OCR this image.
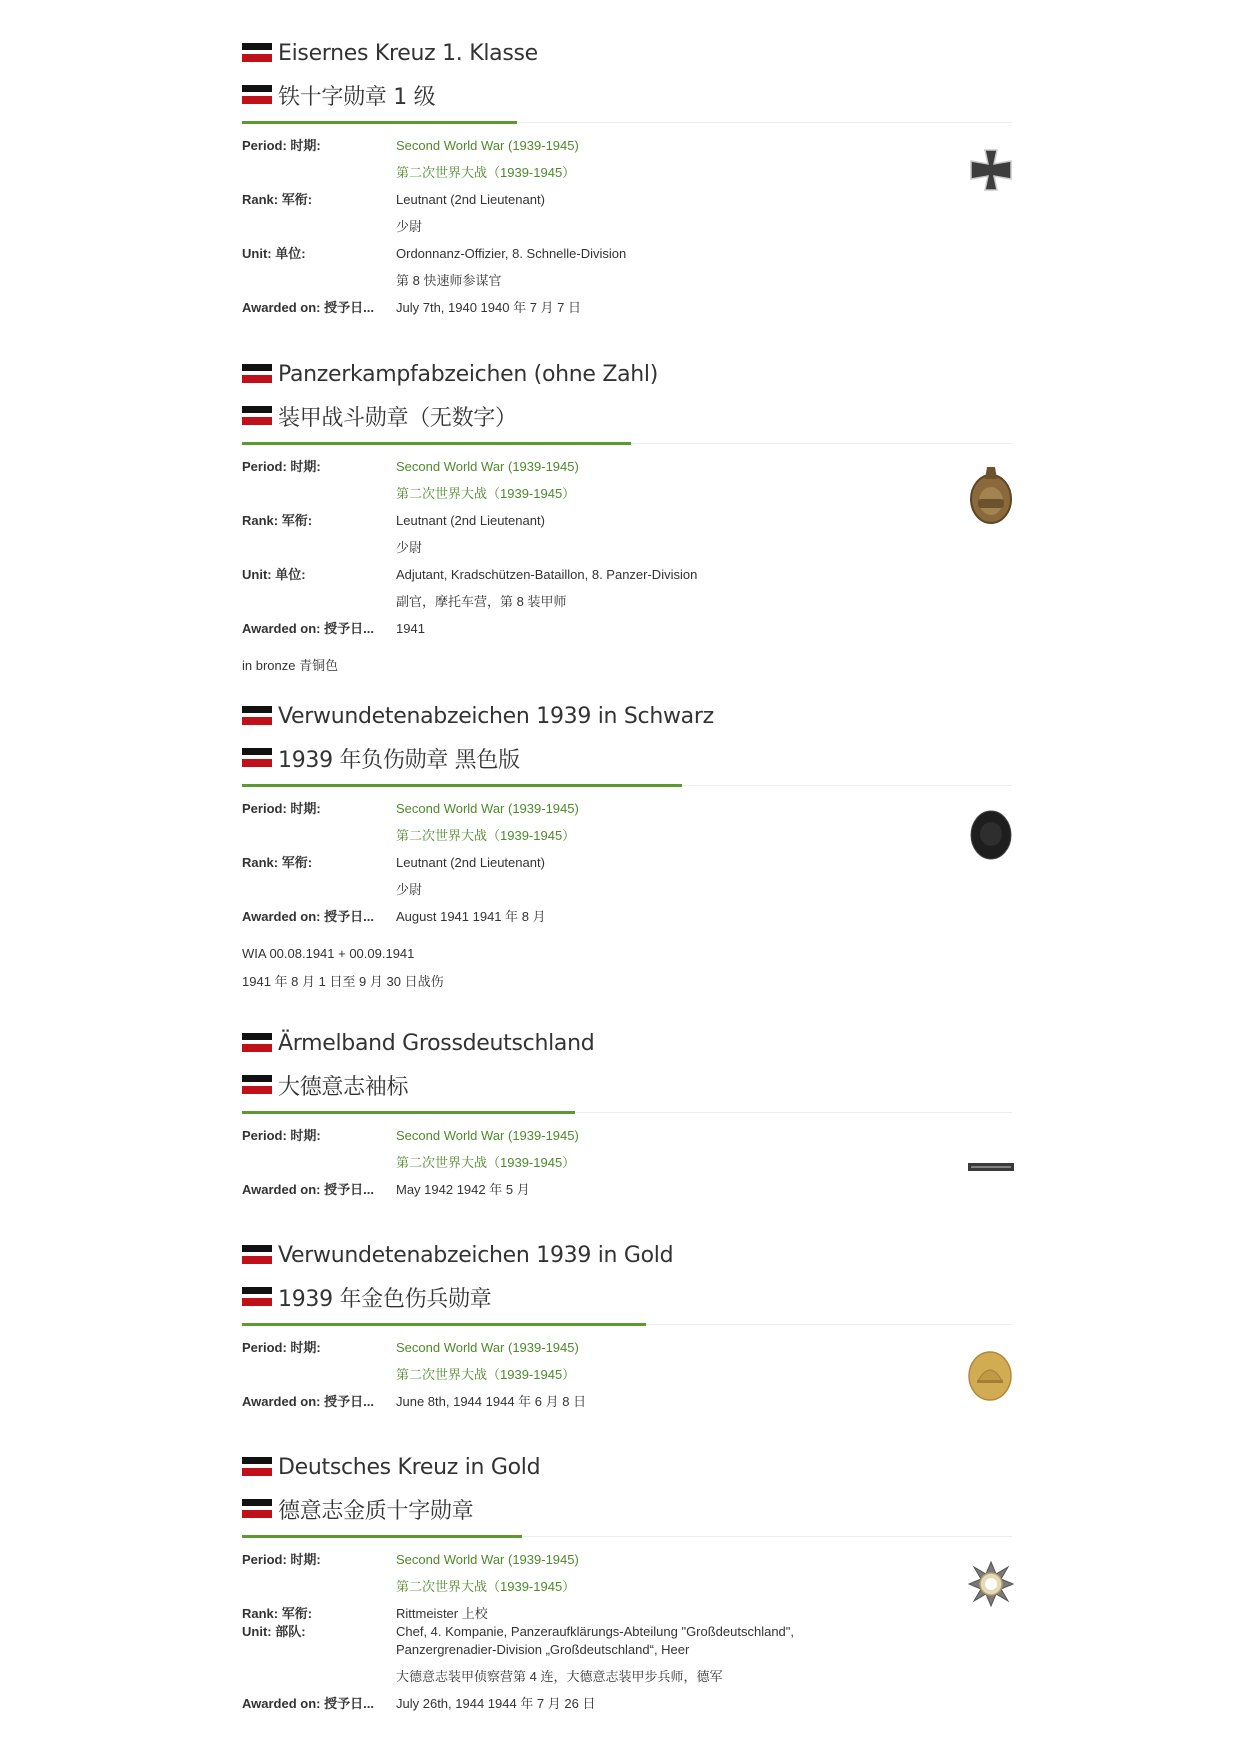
Eisernes Kreuz 1. Klasse
铁十字勋章 1 级
Period: 时期:	Second World War (1939-1945)
第二次世界大战（1939-1945）
Rank: 军衔:	Leutnant (2nd Lieutenant)
少尉
Unit: 单位:	Ordonnanz-Offizier, 8. Schnelle-Division
第 8 快速师参谋官
Awarded on: 授予日...	July 7th, 1940 1940 年 7 月 7 日
Panzerkampfabzeichen (ohne Zahl)
装甲战斗勋章（无数字）
Period: 时期:	Second World War (1939-1945)
第二次世界大战（1939-1945）
Rank: 军衔:	Leutnant (2nd Lieutenant)
少尉
Unit: 单位:	Adjutant, Kradschützen-Bataillon, 8. Panzer-Division
副官，摩托车营，第 8 装甲师
Awarded on: 授予日...	1941
in bronze 青铜色
Verwundetenabzeichen 1939 in Schwarz
1939 年负伤勋章 黑色版
Period: 时期:	Second World War (1939-1945)
第二次世界大战（1939-1945）
Rank: 军衔:	Leutnant (2nd Lieutenant)
少尉
Awarded on: 授予日...	August 1941 1941 年 8 月
WIA 00.08.1941 + 00.09.1941
1941 年 8 月 1 日至 9 月 30 日战伤
Ärmelband Grossdeutschland
大德意志袖标
Period: 时期:	Second World War (1939-1945)
第二次世界大战（1939-1945）
Awarded on: 授予日...	May 1942 1942 年 5 月
Verwundetenabzeichen 1939 in Gold
1939 年金色伤兵勋章
Period: 时期:	Second World War (1939-1945)
第二次世界大战（1939-1945）
Awarded on: 授予日...	June 8th, 1944 1944 年 6 月 8 日
Deutsches Kreuz in Gold
德意志金质十字勋章
Period: 时期:	Second World War (1939-1945)
第二次世界大战（1939-1945）
Rank: 军衔:	Rittmeister 上校
Unit: 部队:	Chef, 4. Kompanie, Panzeraufklärungs-Abteilung "Großdeutschland",
Panzergrenadier-Division „Großdeutschland“, Heer
大德意志装甲侦察营第 4 连，大德意志装甲步兵师，德军
Awarded on: 授予日...	July 26th, 1944 1944 年 7 月 26 日
